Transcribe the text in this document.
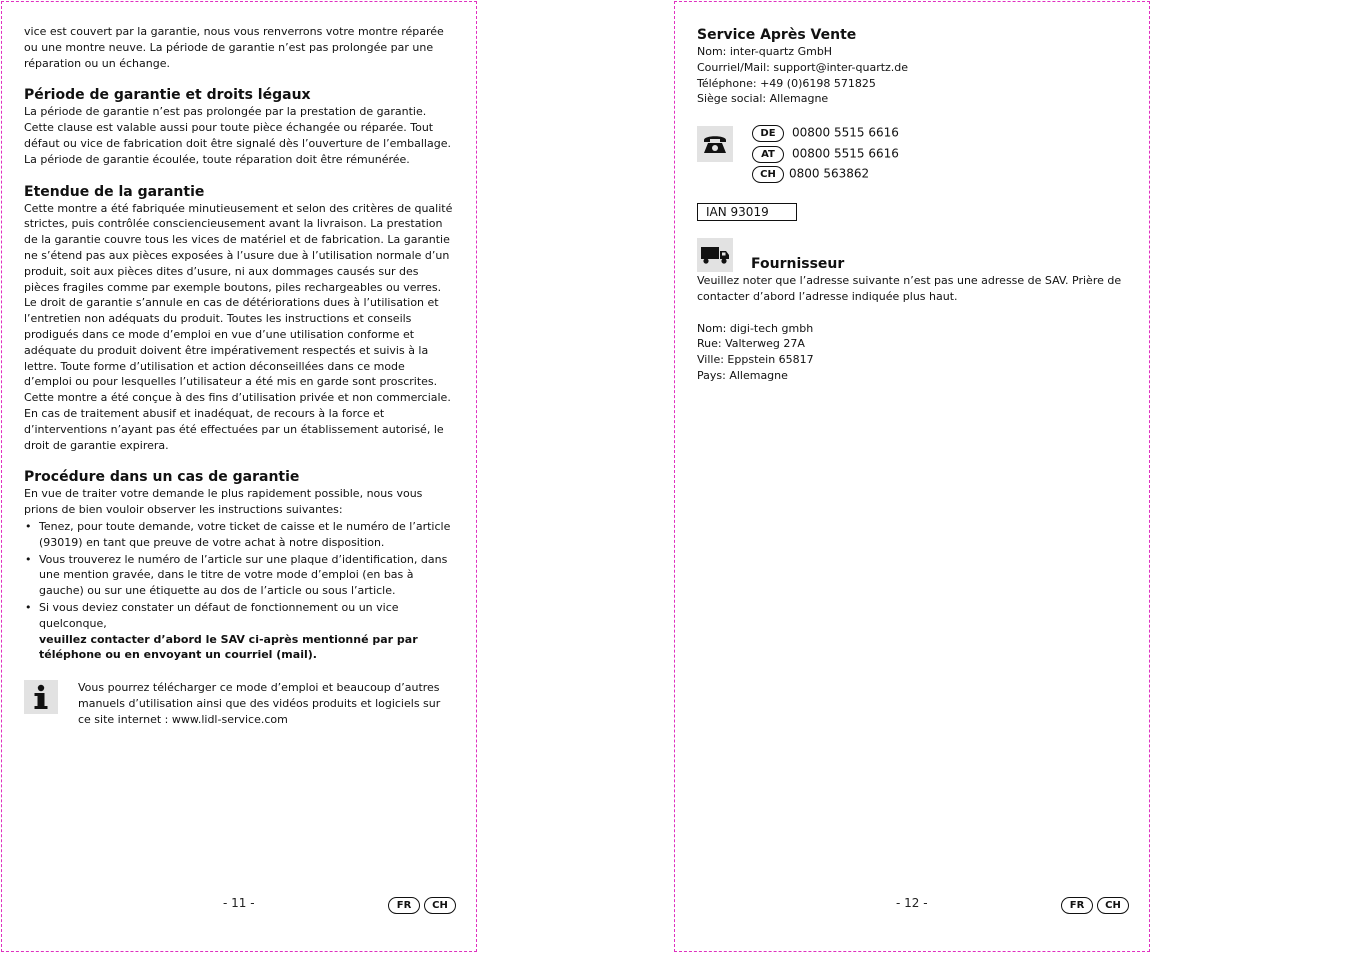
vice est couvert par la garantie, nous vous renverrons votre montre réparée ou une montre neuve. La période de garantie n’est pas prolongée par une réparation ou un échange.

Période de garantie et droits légaux

La période de garantie n’est pas prolongée par la prestation de garantie. Cette clause est valable aussi pour toute pièce échangée ou réparée. Tout défaut ou vice de fabrication doit être signalé dès l’ouverture de l’emballage. La période de garantie écoulée, toute réparation doit être rémunérée.

Etendue de la garantie

Cette montre a été fabriquée minutieusement et selon des critères de qualité strictes, puis contrôlée consciencieusement avant la livraison. La prestation de la garantie couvre tous les vices de matériel et de fabrication. La garantie ne s’étend pas aux pièces exposées à l’usure due à l’utilisation normale d’un produit, soit aux pièces dites d’usure, ni aux dommages causés sur des pièces fragiles comme par exemple boutons, piles rechargeables ou verres.

Le droit de garantie s’annule en cas de détériorations dues à l’utilisation et l’entretien non adéquats du produit. Toutes les instructions et conseils prodigués dans ce mode d’emploi en vue d’une utilisation conforme et adéquate du produit doivent être impérativement respectés et suivis à la lettre. Toute forme d’utilisation et action déconseillées dans ce mode d’emploi ou pour lesquelles l’utilisateur a été mis en garde sont proscrites.

Cette montre a été conçue à des fins d’utilisation privée et non commerciale. En cas de traitement abusif et inadéquat, de recours à la force et d’interventions n’ayant pas été effectuées par un établissement autorisé, le droit de garantie expirera.

Procédure dans un cas de garantie

En vue de traiter votre demande le plus rapidement possible, nous vous prions de bien vouloir observer les instructions suivantes:

• Tenez, pour toute demande, votre ticket de caisse et le numéro de l’article (93019) en tant que preuve de votre achat à notre disposition.
• Vous trouverez le numéro de l’article sur une plaque d’identification, dans une mention gravée, dans le titre de votre mode d’emploi (en bas à gauche) ou sur une étiquette au dos de l’article ou sous l’article.
• Si vous deviez constater un défaut de fonctionnement ou un vice quelconque,
veuillez contacter d’abord le SAV ci-après mentionné par par téléphone ou en envoyant un courriel (mail).

Vous pourrez télécharger ce mode d’emploi et beaucoup d’autres manuels d’utilisation ainsi que des vidéos produits et logiciels sur ce site internet : www.lidl-service.com

- 11 -	FR	CH
Service Après Vente

Nom: inter-quartz GmbH

Courriel/Mail: support@inter-quartz.de

Téléphone: +49 (0)6198 571825

Siège social: Allemagne

DE 00800 5515 6616
AT 00800 5515 6616
CH 0800 563862
IAN 93019
Fournisseur

Veuillez noter que l’adresse suivante n’est pas une adresse de SAV. Prière de contacter d’abord l’adresse indiquée plus haut.

Nom: digi-tech gmbh

Rue: Valterweg 27A

Ville: Eppstein 65817

Pays: Allemagne

- 12 -	FR	CH
